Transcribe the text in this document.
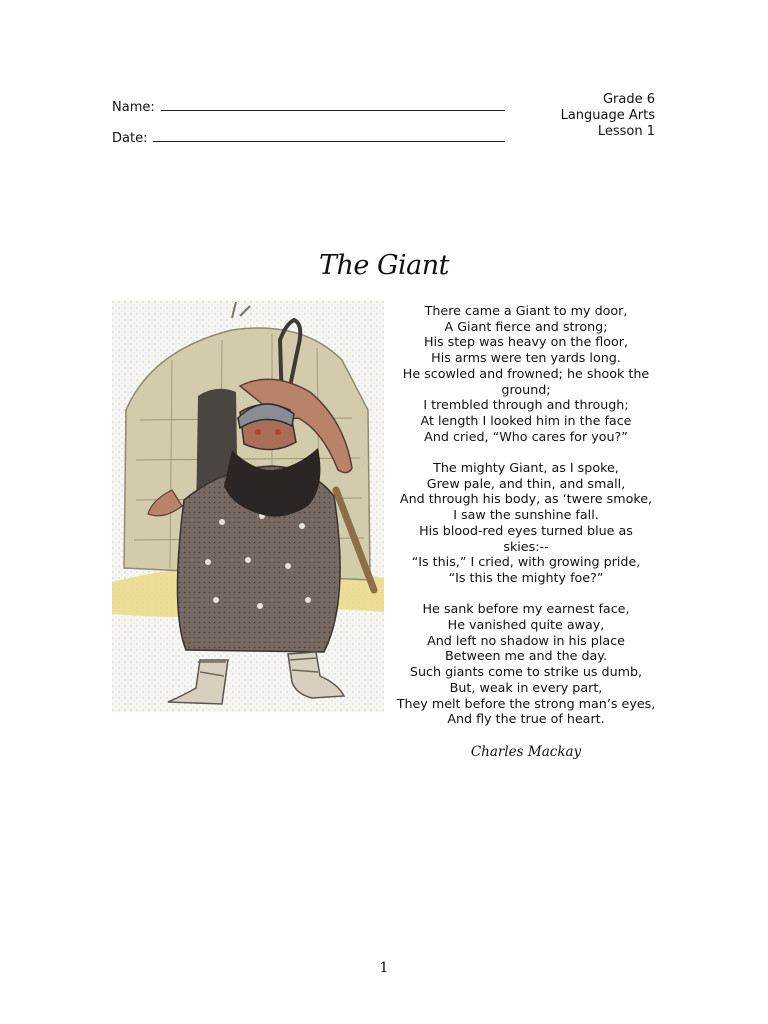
Name:
Date:
Grade 6
Language Arts
Lesson 1
The Giant
There came a Giant to my door,
A Giant fierce and strong;
His step was heavy on the floor,
His arms were ten yards long.
He scowled and frowned; he shook the
ground;
I trembled through and through;
At length I looked him in the face
And cried, “Who cares for you?”
The mighty Giant, as I spoke,
Grew pale, and thin, and small,
And through his body, as ‘twere smoke,
I saw the sunshine fall.
His blood-red eyes turned blue as
skies:--
“Is this,” I cried, with growing pride,
“Is this the mighty foe?”
He sank before my earnest face,
He vanished quite away,
And left no shadow in his place
Between me and the day.
Such giants come to strike us dumb,
But, weak in every part,
They melt before the strong man’s eyes,
And fly the true of heart.
Charles Mackay
1
